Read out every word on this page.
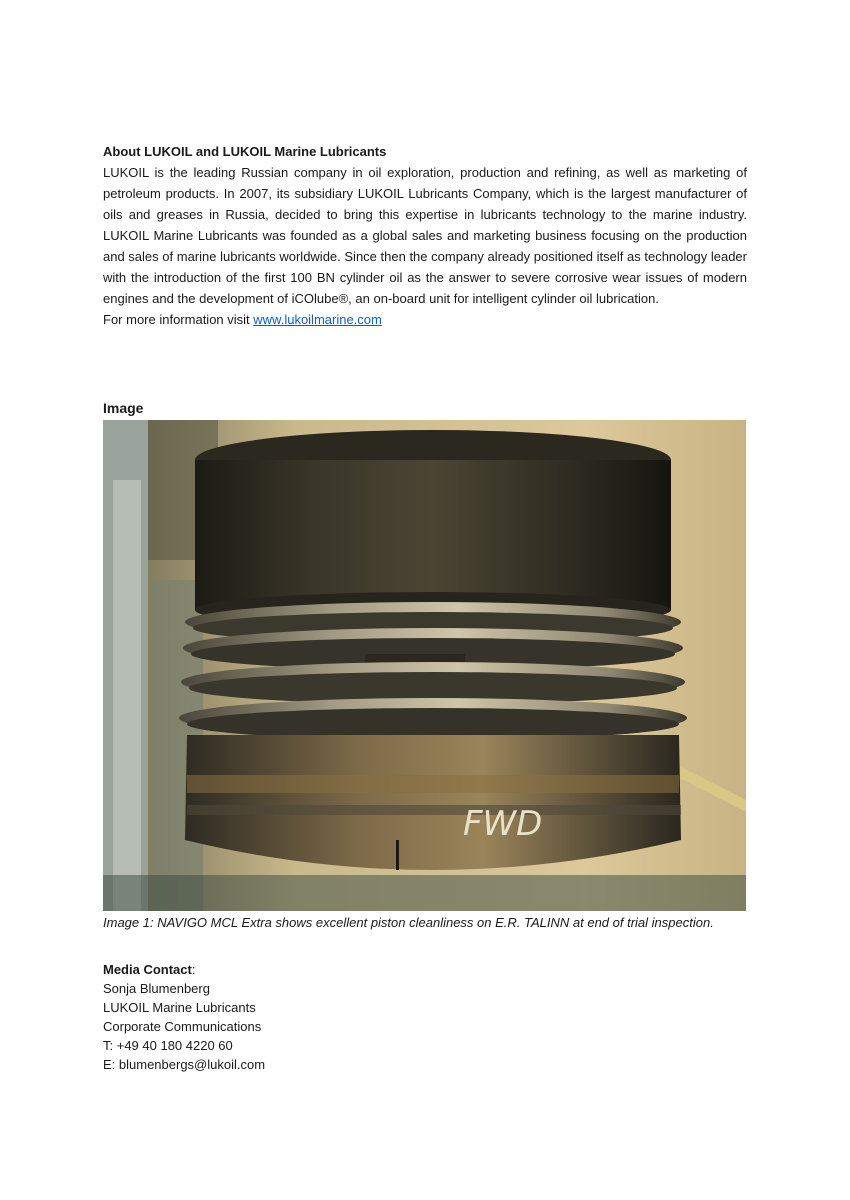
About LUKOIL and LUKOIL Marine Lubricants

LUKOIL is the leading Russian company in oil exploration, production and refining, as well as marketing of petroleum products. In 2007, its subsidiary LUKOIL Lubricants Company, which is the largest manufacturer of oils and greases in Russia, decided to bring this expertise in lubricants technology to the marine industry. LUKOIL Marine Lubricants was founded as a global sales and marketing business focusing on the production and sales of marine lubricants worldwide. Since then the company already positioned itself as technology leader with the introduction of the first 100 BN cylinder oil as the answer to severe corrosive wear issues of modern engines and the development of iCOlube®, an on-board unit for intelligent cylinder oil lubrication.

For more information visit www.lukoilmarine.com

Image
FWD
Image 1: NAVIGO MCL Extra shows excellent piston cleanliness on E.R. TALINN at end of trial inspection.
Media Contact:
Sonja Blumenberg
LUKOIL Marine Lubricants
Corporate Communications
T: +49 40 180 4220 60
E: blumenbergs@lukoil.com
